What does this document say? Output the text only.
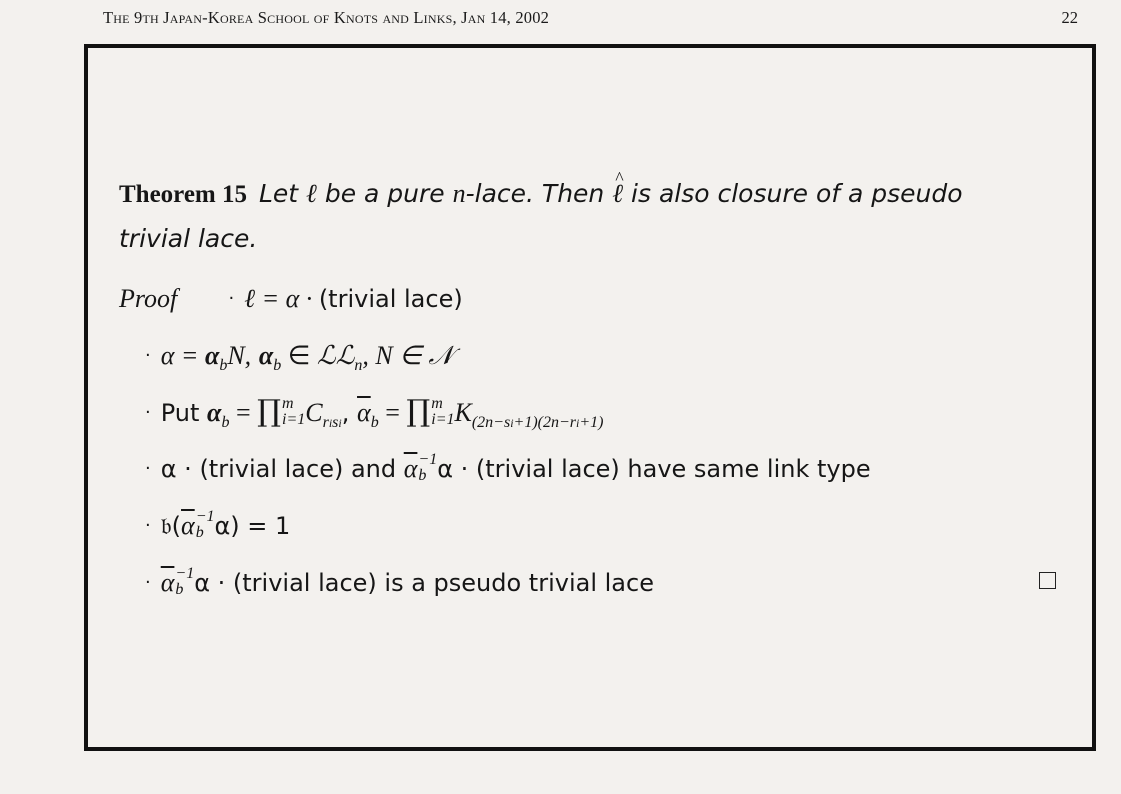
The 9th Japan-Korea School of Knots and Links, Jan 14, 2002	22
Theorem 15 Let ℓ be a pure n-lace. Then ^ ℓ is also closure of a pseudo trivial lace.
Proof	· ℓ = α · (trivial lace)
· $\alpha = \alpha_bN$, $\alpha_b$ ∈ ℒℒ$_n$, N ∈ 𝒩
· Put $\alpha_b$ = ∏ m
i=1 $C_{risi}$, $\overline{\alpha}_b$ = ∏ m
i=1 $K_{(2n-si+1)(2n-ri+1)}$
· α · (trivial lace) and $\overline{\alpha} -1$
b α · (trivial lace) have same link type
· $𝔟(\overline{\alpha} -1$
b α) = 1
· $\overline{\alpha} -1$
b α · (trivial lace) is a pseudo trivial lace
